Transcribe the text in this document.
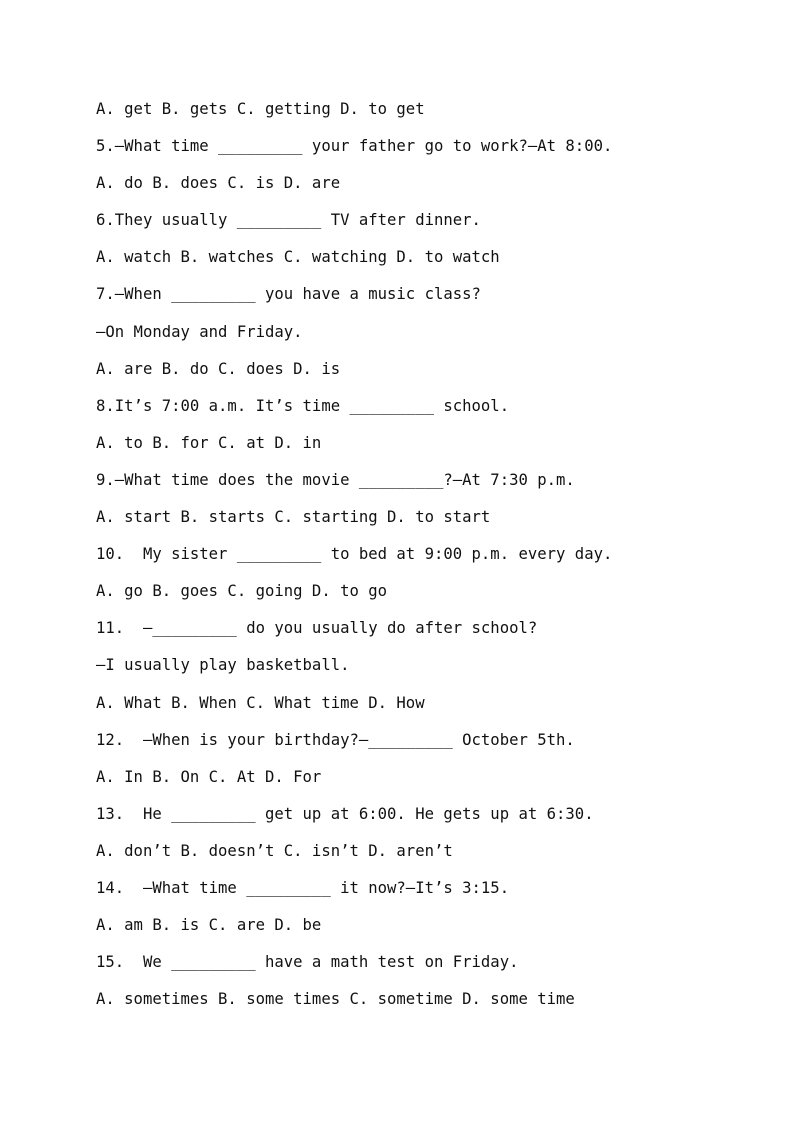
A. get B. gets C. getting D. to get
5.—What time _________ your father go to work?—At 8:00.
A. do B. does C. is D. are
6.They usually _________ TV after dinner.
A. watch B. watches C. watching D. to watch
7.—When _________ you have a music class?
—On Monday and Friday.
A. are B. do C. does D. is
8.It’s 7:00 a.m. It’s time _________ school.
A. to B. for C. at D. in
9.—What time does the movie _________?—At 7:30 p.m.
A. start B. starts C. starting D. to start
10.  My sister _________ to bed at 9:00 p.m. every day.
A. go B. goes C. going D. to go
11.  —_________ do you usually do after school?
—I usually play basketball.
A. What B. When C. What time D. How
12.  —When is your birthday?—_________ October 5th.
A. In B. On C. At D. For
13.  He _________ get up at 6:00. He gets up at 6:30.
A. don’t B. doesn’t C. isn’t D. aren’t
14.  —What time _________ it now?—It’s 3:15.
A. am B. is C. are D. be
15.  We _________ have a math test on Friday.
A. sometimes B. some times C. sometime D. some time
